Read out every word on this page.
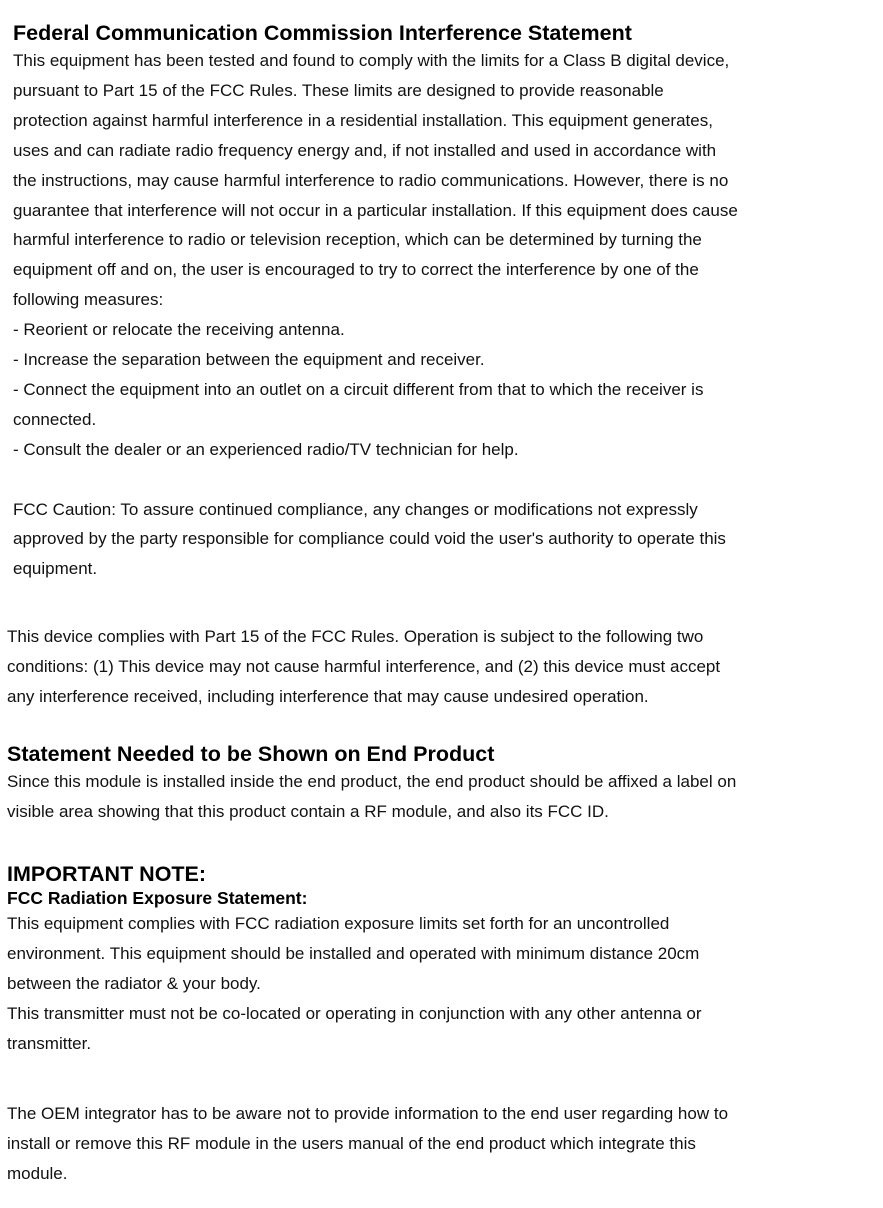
Federal Communication Commission Interference Statement

This equipment has been tested and found to comply with the limits for a Class B digital device,
pursuant to Part 15 of the FCC Rules. These limits are designed to provide reasonable
protection against harmful interference in a residential installation. This equipment generates,
uses and can radiate radio frequency energy and, if not installed and used in accordance with
the instructions, may cause harmful interference to radio communications. However, there is no
guarantee that interference will not occur in a particular installation. If this equipment does cause
harmful interference to radio or television reception, which can be determined by turning the
equipment off and on, the user is encouraged to try to correct the interference by one of the
following measures:

- Reorient or relocate the receiving antenna.
- Increase the separation between the equipment and receiver.
- Connect the equipment into an outlet on a circuit different from that to which the receiver is
connected.
- Consult the dealer or an experienced radio/TV technician for help.

FCC Caution: To assure continued compliance, any changes or modifications not expressly
approved by the party responsible for compliance could void the user's authority to operate this
equipment.

This device complies with Part 15 of the FCC Rules. Operation is subject to the following two
conditions: (1) This device may not cause harmful interference, and (2) this device must accept
any interference received, including interference that may cause undesired operation.

Statement Needed to be Shown on End Product

Since this module is installed inside the end product, the end product should be affixed a label on
visible area showing that this product contain a RF module, and also its FCC ID.

IMPORTANT NOTE:
FCC Radiation Exposure Statement:

This equipment complies with FCC radiation exposure limits set forth for an uncontrolled
environment. This equipment should be installed and operated with minimum distance 20cm
between the radiator & your body.

This transmitter must not be co-located or operating in conjunction with any other antenna or
transmitter.

The OEM integrator has to be aware not to provide information to the end user regarding how to
install or remove this RF module in the users manual of the end product which integrate this
module.
